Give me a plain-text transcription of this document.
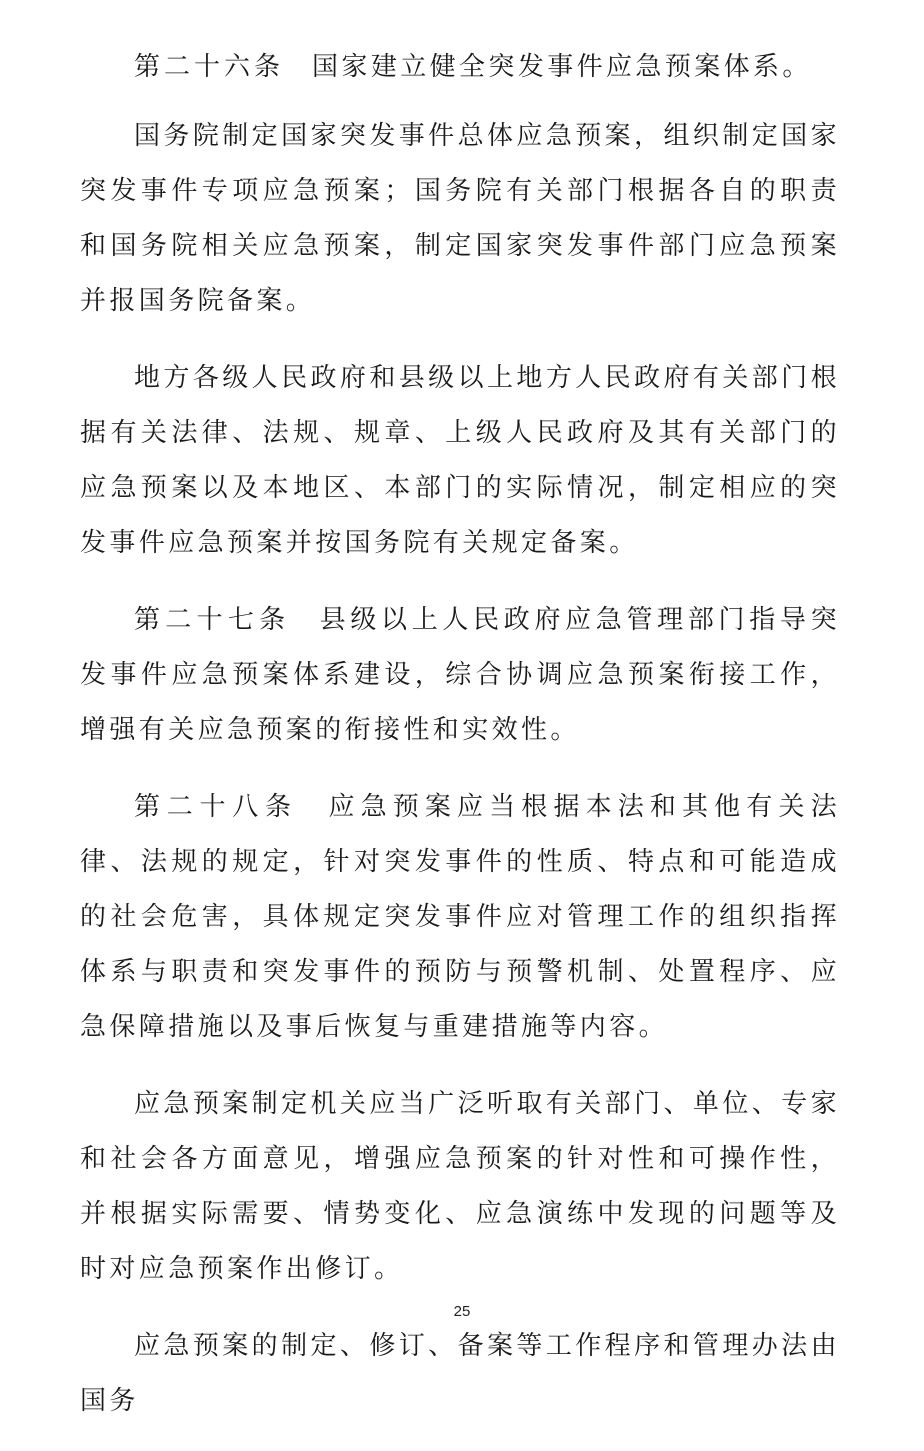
第二十六条 国家建立健全突发事件应急预案体系。

国务院制定国家突发事件总体应急预案，组织制定国家突发事件专项应急预案；国务院有关部门根据各自的职责和国务院相关应急预案，制定国家突发事件部门应急预案并报国务院备案。

地方各级人民政府和县级以上地方人民政府有关部门根据有关法律、法规、规章、上级人民政府及其有关部门的应急预案以及本地区、本部门的实际情况，制定相应的突发事件应急预案并按国务院有关规定备案。

第二十七条 县级以上人民政府应急管理部门指导突发事件应急预案体系建设，综合协调应急预案衔接工作，增强有关应急预案的衔接性和实效性。

第二十八条 应急预案应当根据本法和其他有关法律、法规的规定，针对突发事件的性质、特点和可能造成的社会危害，具体规定突发事件应对管理工作的组织指挥体系与职责和突发事件的预防与预警机制、处置程序、应急保障措施以及事后恢复与重建措施等内容。

应急预案制定机关应当广泛听取有关部门、单位、专家和社会各方面意见，增强应急预案的针对性和可操作性，并根据实际需要、情势变化、应急演练中发现的问题等及时对应急预案作出修订。

应急预案的制定、修订、备案等工作程序和管理办法由国务

25
